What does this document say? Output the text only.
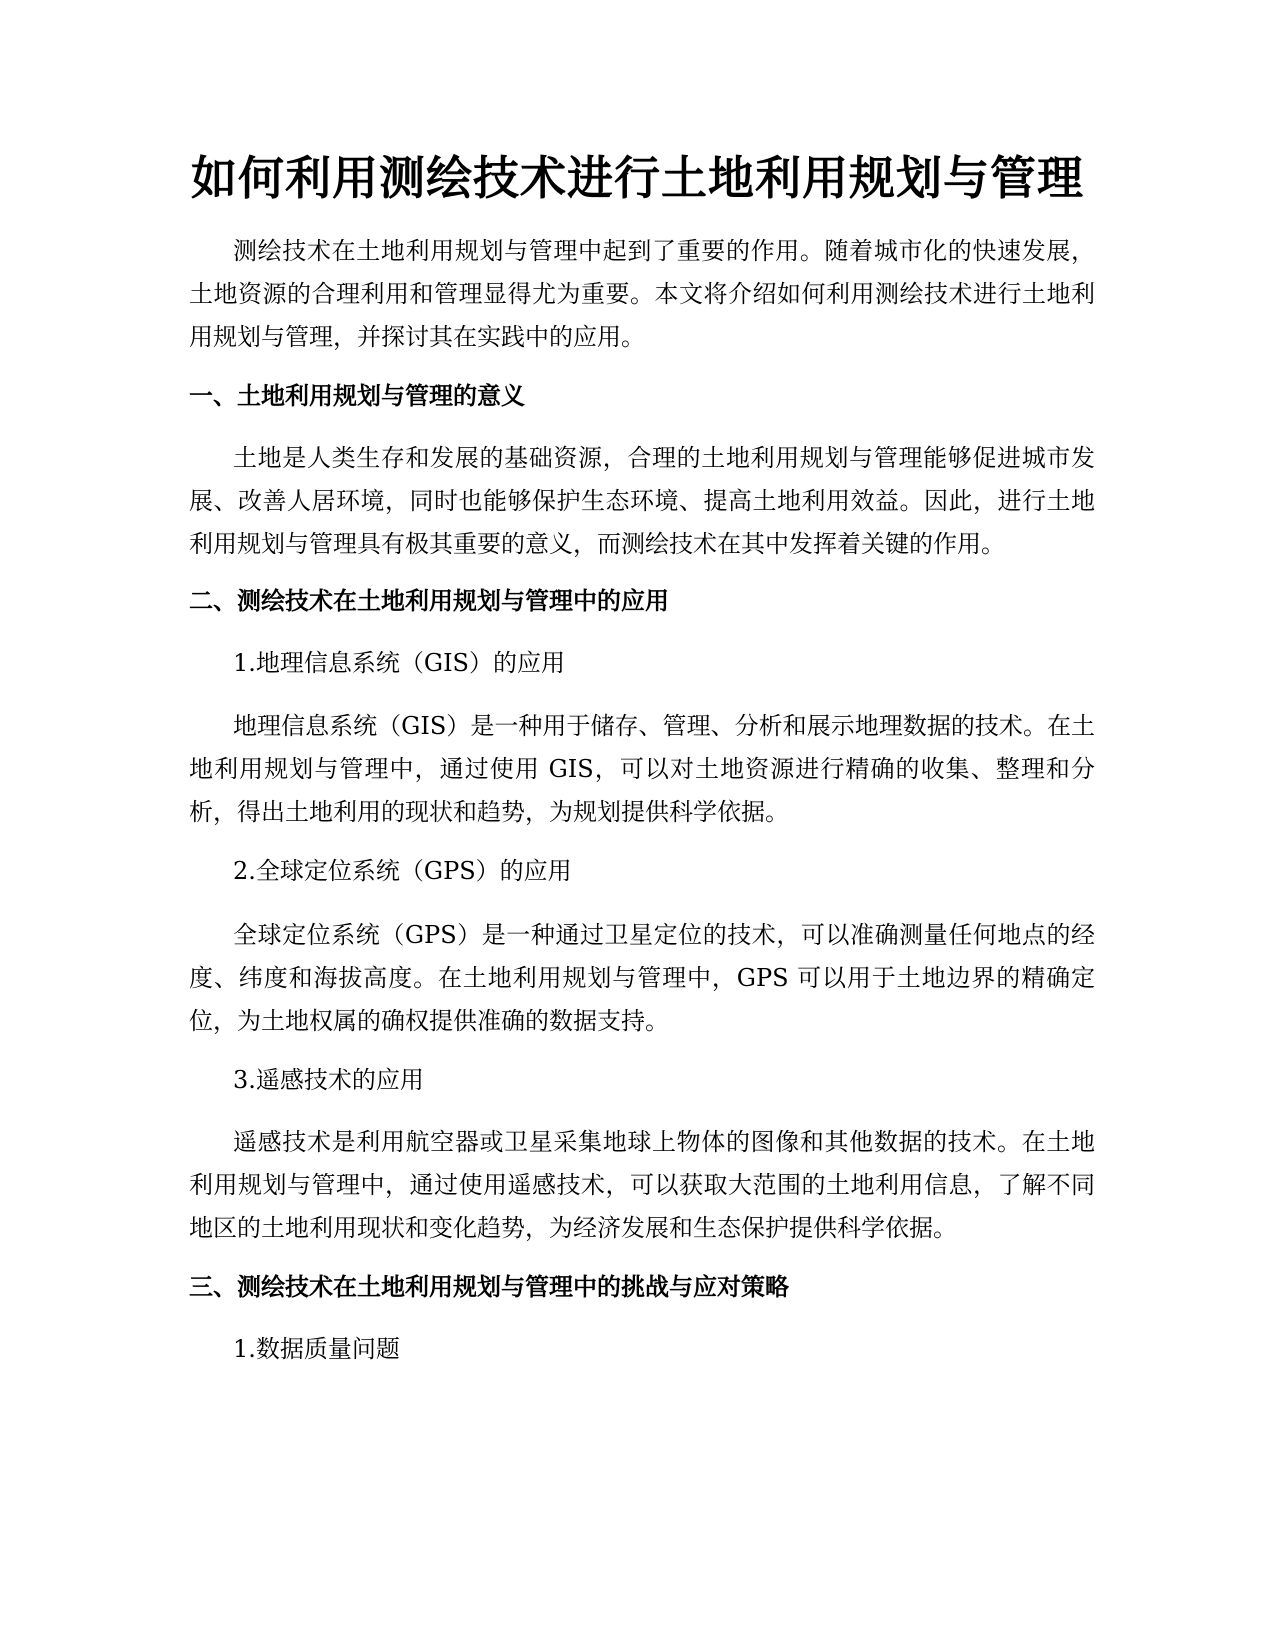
如何利用测绘技术进行土地利用规划与管理

测绘技术在土地利用规划与管理中起到了重要的作用。随着城市化的快速发展，土地资源的合理利用和管理显得尤为重要。本文将介绍如何利用测绘技术进行土地利用规划与管理，并探讨其在实践中的应用。

一、土地利用规划与管理的意义

土地是人类生存和发展的基础资源，合理的土地利用规划与管理能够促进城市发展、改善人居环境，同时也能够保护生态环境、提高土地利用效益。因此，进行土地利用规划与管理具有极其重要的意义，而测绘技术在其中发挥着关键的作用。

二、测绘技术在土地利用规划与管理中的应用

1.地理信息系统（GIS）的应用

地理信息系统（GIS）是一种用于储存、管理、分析和展示地理数据的技术。在土地利用规划与管理中，通过使用 GIS，可以对土地资源进行精确的收集、整理和分析，得出土地利用的现状和趋势，为规划提供科学依据。

2.全球定位系统（GPS）的应用

全球定位系统（GPS）是一种通过卫星定位的技术，可以准确测量任何地点的经度、纬度和海拔高度。在土地利用规划与管理中，GPS 可以用于土地边界的精确定位，为土地权属的确权提供准确的数据支持。

3.遥感技术的应用

遥感技术是利用航空器或卫星采集地球上物体的图像和其他数据的技术。在土地利用规划与管理中，通过使用遥感技术，可以获取大范围的土地利用信息，了解不同地区的土地利用现状和变化趋势，为经济发展和生态保护提供科学依据。

三、测绘技术在土地利用规划与管理中的挑战与应对策略

1.数据质量问题
